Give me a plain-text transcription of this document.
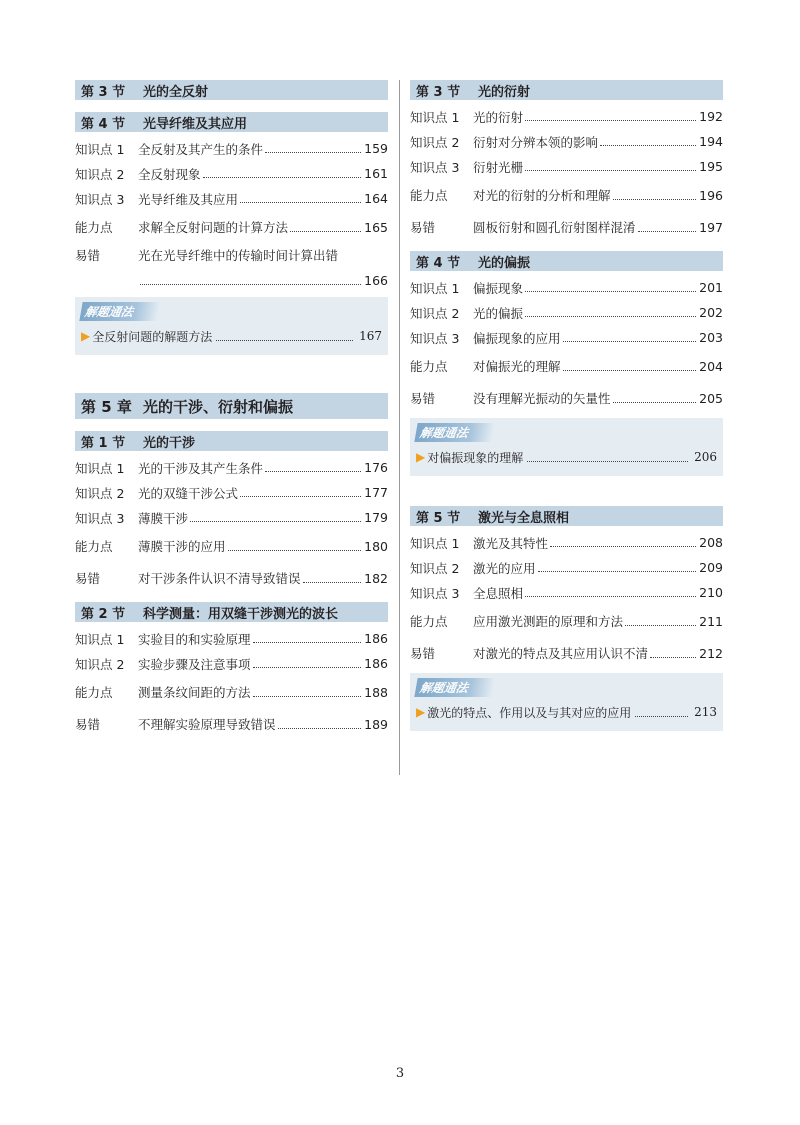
第 3 节	光的全反射
第 4 节	光导纤维及其应用
知识点 1	全反射及其产生的条件	159
知识点 2	全反射现象	161
知识点 3	光导纤维及其应用	164
能力点	求解全反射问题的计算方法	165
易错	光在光导纤维中的传输时间计算出错
166
解题通法
▶ 全反射问题的解题方法	167
第 5 章 光的干涉、衍射和偏振
第 1 节	光的干涉
知识点 1	光的干涉及其产生条件	176
知识点 2	光的双缝干涉公式	177
知识点 3	薄膜干涉	179
能力点	薄膜干涉的应用	180
易错	对干涉条件认识不清导致错误	182
第 2 节	科学测量：用双缝干涉测光的波长
知识点 1	实验目的和实验原理	186
知识点 2	实验步骤及注意事项	186
能力点	测量条纹间距的方法	188
易错	不理解实验原理导致错误	189
第 3 节	光的衍射
知识点 1	光的衍射	192
知识点 2	衍射对分辨本领的影响	194
知识点 3	衍射光栅	195
能力点	对光的衍射的分析和理解	196
易错	圆板衍射和圆孔衍射图样混淆	197
第 4 节	光的偏振
知识点 1	偏振现象	201
知识点 2	光的偏振	202
知识点 3	偏振现象的应用	203
能力点	对偏振光的理解	204
易错	没有理解光振动的矢量性	205
解题通法
▶ 对偏振现象的理解	206
第 5 节	激光与全息照相
知识点 1	激光及其特性	208
知识点 2	激光的应用	209
知识点 3	全息照相	210
能力点	应用激光测距的原理和方法	211
易错	对激光的特点及其应用认识不清	212
解题通法
▶ 激光的特点、作用以及与其对应的应用	213
3
